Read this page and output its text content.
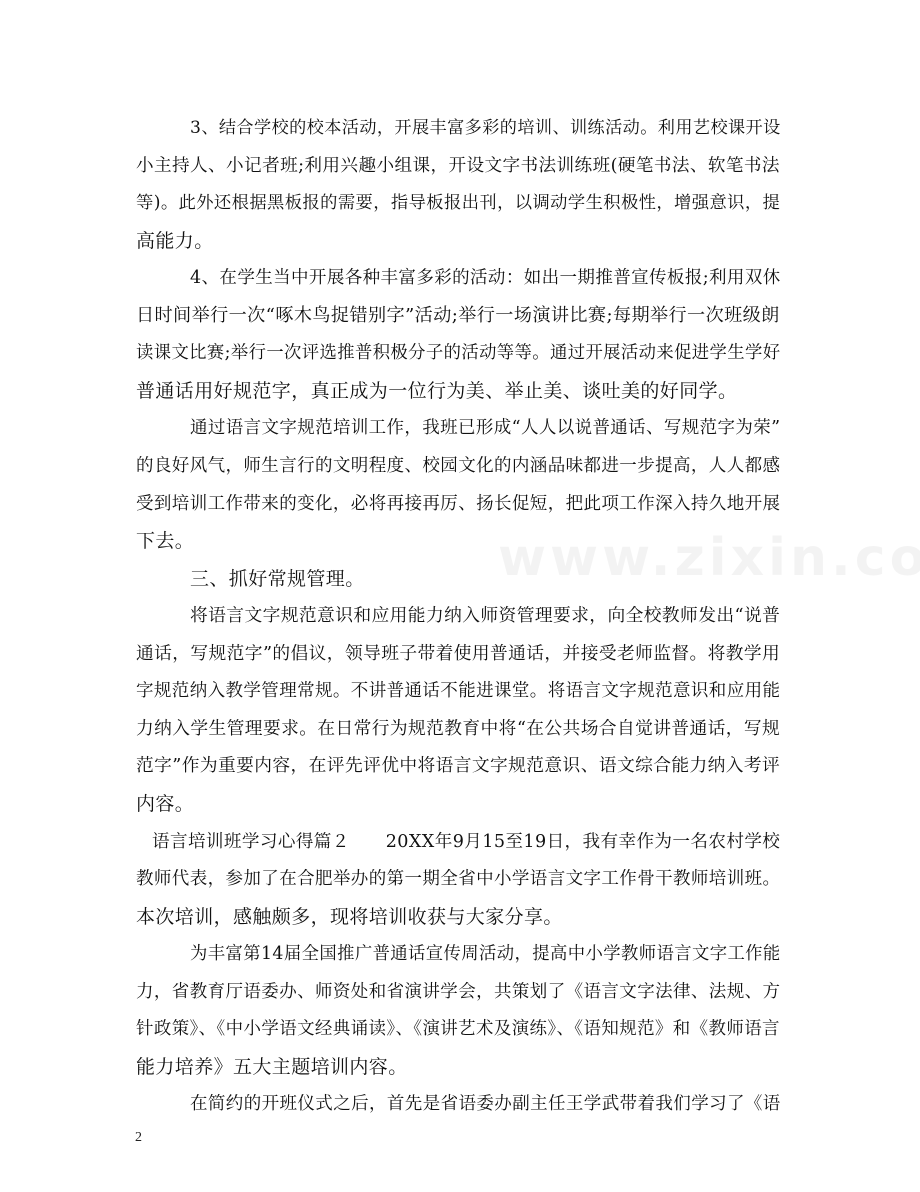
3、结合学校的校本活动，开展丰富多彩的培训、训练活动。利用艺校课开设
小主持人、小记者班;利用兴趣小组课，开设文字书法训练班(硬笔书法、软笔书法
等)。此外还根据黑板报的需要，指导板报出刊，以调动学生积极性，增强意识，提
高能力。
4、在学生当中开展各种丰富多彩的活动：如出一期推普宣传板报;利用双休
日时间举行一次“啄木鸟捉错别字”活动;举行一场演讲比赛;每期举行一次班级朗
读课文比赛;举行一次评选推普积极分子的活动等等。通过开展活动来促进学生学好
普通话用好规范字，真正成为一位行为美、举止美、谈吐美的好同学。
通过语言文字规范培训工作，我班已形成“人人以说普通话、写规范字为荣”
的良好风气，师生言行的文明程度、校园文化的内涵品味都进一步提高，人人都感
受到培训工作带来的变化，必将再接再厉、扬长促短，把此项工作深入持久地开展
下去。
三、抓好常规管理。
将语言文字规范意识和应用能力纳入师资管理要求，向全校教师发出“说普
通话，写规范字”的倡议，领导班子带着使用普通话，并接受老师监督。将教学用
字规范纳入教学管理常规。不讲普通话不能进课堂。将语言文字规范意识和应用能
力纳入学生管理要求。在日常行为规范教育中将“在公共场合自觉讲普通话，写规
范字”作为重要内容，在评先评优中将语言文字规范意识、语文综合能力纳入考评
内容。
语言培训班学习心得篇２　　20XX年9月15至19日，我有幸作为一名农村学校
教师代表，参加了在合肥举办的第一期全省中小学语言文字工作骨干教师培训班。
本次培训，感触颇多，现将培训收获与大家分享。
为丰富第14届全国推广普通话宣传周活动，提高中小学教师语言文字工作能
力，省教育厅语委办、师资处和省演讲学会，共策划了《语言文字法律、法规、方
针政策》、《中小学语文经典诵读》、《演讲艺术及演练》、《语知规范》和《教师语言
能力培养》五大主题培训内容。
在简约的开班仪式之后，首先是省语委办副主任王学武带着我们学习了《语
2
